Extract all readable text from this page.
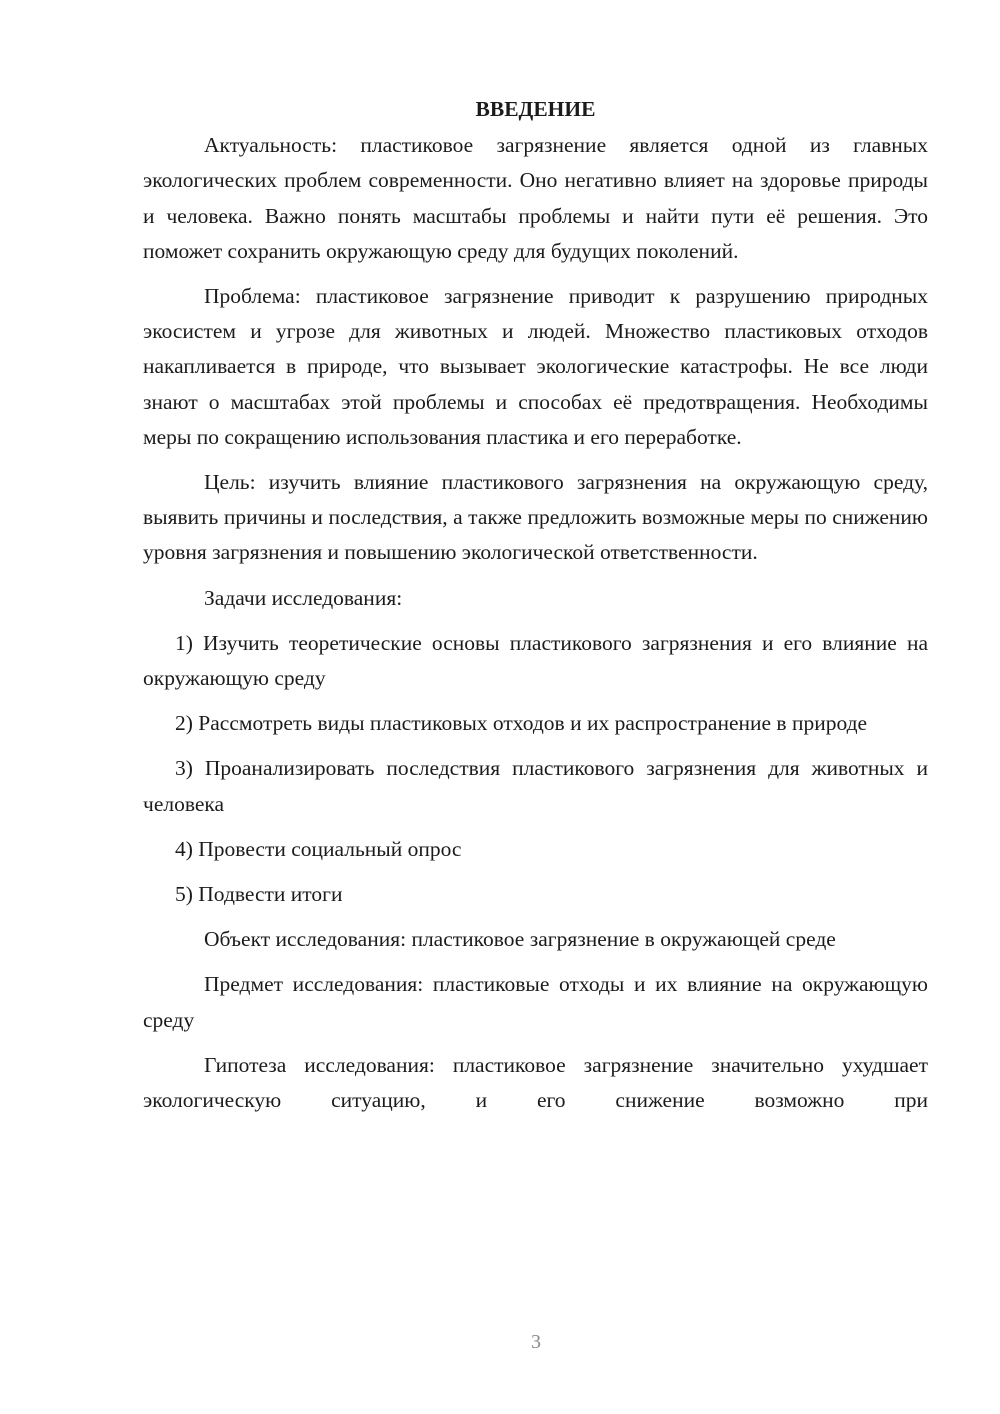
ВВЕДЕНИЕ

Актуальность: пластиковое загрязнение является одной из главных экологических проблем современности. Оно негативно влияет на здоровье природы и человека. Важно понять масштабы проблемы и найти пути её решения. Это поможет сохранить окружающую среду для будущих поколений.

Проблема: пластиковое загрязнение приводит к разрушению природных экосистем и угрозе для животных и людей. Множество пластиковых отходов накапливается в природе, что вызывает экологические катастрофы. Не все люди знают о масштабах этой проблемы и способах её предотвращения. Необходимы меры по сокращению использования пластика и его переработке.

Цель: изучить влияние пластикового загрязнения на окружающую среду, выявить причины и последствия, а также предложить возможные меры по снижению уровня загрязнения и повышению экологической ответственности.

Задачи исследования:

1) Изучить теоретические основы пластикового загрязнения и его влияние на окружающую среду

2) Рассмотреть виды пластиковых отходов и их распространение в природе

3) Проанализировать последствия пластикового загрязнения для животных и человека

4) Провести социальный опрос

5) Подвести итоги

Объект исследования: пластиковое загрязнение в окружающей среде

Предмет исследования: пластиковые отходы и их влияние на окружающую среду

Гипотеза исследования: пластиковое загрязнение значительно ухудшает экологическую ситуацию, и его снижение возможно при

3
